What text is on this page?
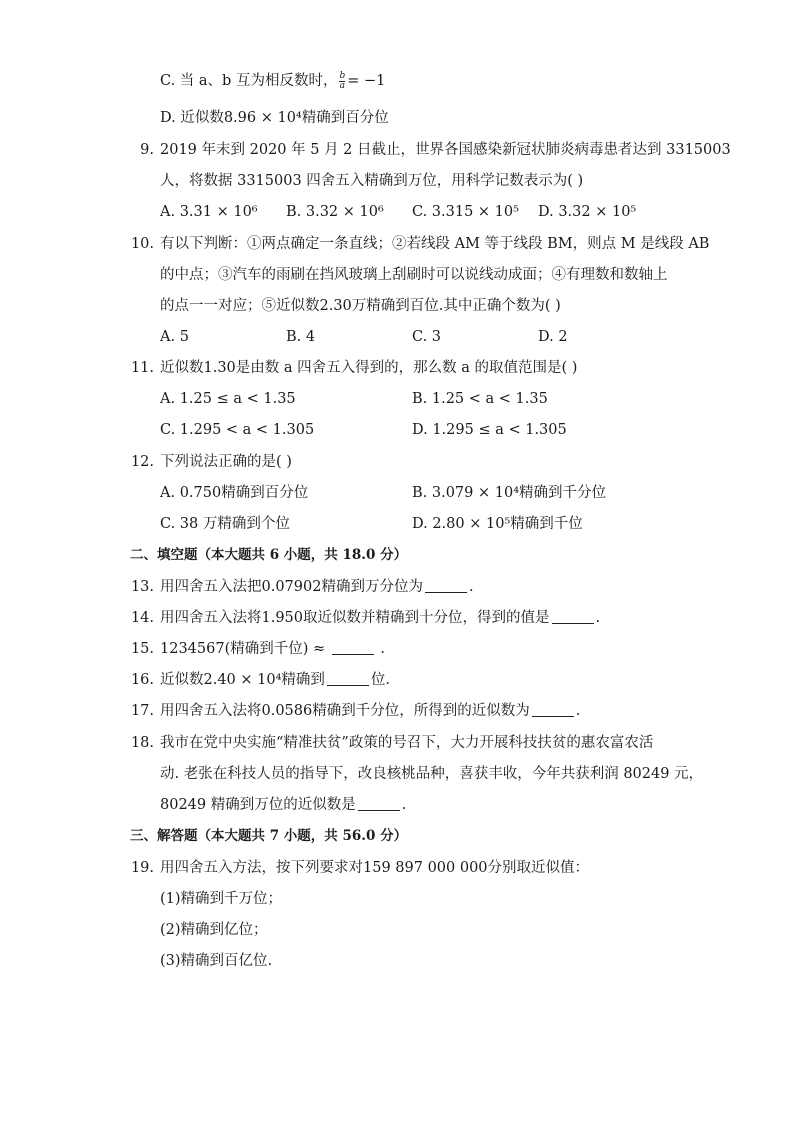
C. 当 a、b 互为相反数时， $\frac{b}{a} = -1$
D. 近似数8.96 × 10⁴精确到百分位
9. 2019 年末到 2020 年 5 月 2 日截止，世界各国感染新冠状肺炎病毒患者达到 3315003
人，将数据 3315003 四舍五入精确到万位，用科学记数表示为( )
A. 3.31 × 10⁶ B. 3.32 × 10⁶ C. 3.315 × 10⁵ D. 3.32 × 10⁵
10. 有以下判断：①两点确定一条直线；②若线段 AM 等于线段 BM，则点 M 是线段 AB
的中点；③汽车的雨刷在挡风玻璃上刮刷时可以说线动成面；④有理数和数轴上
的点一一对应；⑤近似数2.30万精确到百位.其中正确个数为( )
A. 5	B. 4	C. 3	D. 2
11. 近似数1.30是由数 a 四舍五入得到的，那么数 a 的取值范围是( )
A. 1.25 ≤ a < 1.35	B. 1.25 < a < 1.35
C. 1.295 < a < 1.305	D. 1.295 ≤ a < 1.305
12. 下列说法正确的是( )
A. 0.750精确到百分位	B. 3.079 × 10⁴精确到千分位
C. 38 万精确到个位	D. 2.80 × 10⁵精确到千位
二、填空题（本大题共 6 小题，共 18.0 分）
13. 用四舍五入法把0.07902精确到万分位为	.
14. 用四舍五入法将1.950取近似数并精确到十分位，得到的值是	.
15. 1234567(精确到千位) ≈	.
16. 近似数2.40 × 10⁴精确到	位.
17. 用四舍五入法将0.0586精确到千分位，所得到的近似数为	.
18. 我市在党中央实施“精准扶贫”政策的号召下，大力开展科技扶贫的惠农富农活
动. 老张在科技人员的指导下，改良核桃品种，喜获丰收，今年共获利润 80249 元，
80249 精确到万位的近似数是	.
三、解答题（本大题共 7 小题，共 56.0 分）
19. 用四舍五入方法，按下列要求对159 897 000 000分别取近似值：
(1)精确到千万位；
(2)精确到亿位；
(3)精确到百亿位.
